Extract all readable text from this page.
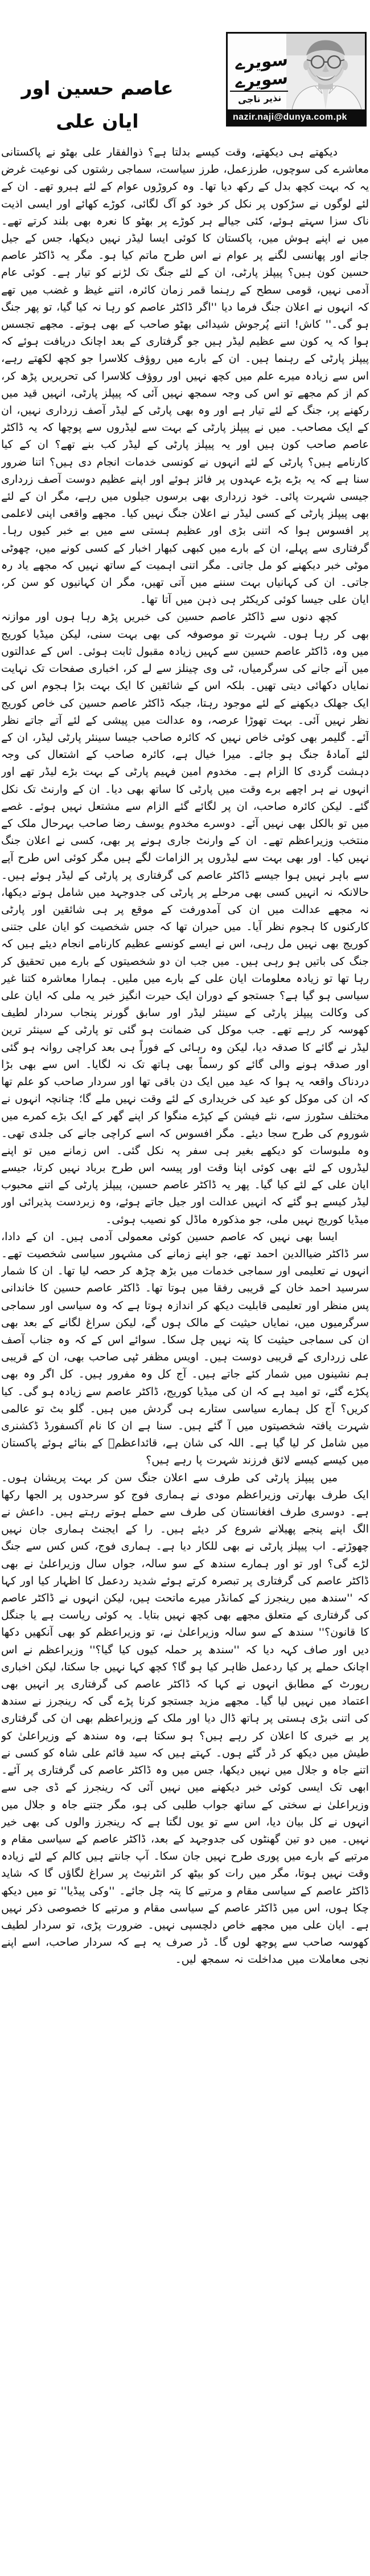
عاصم حسین اور ایان علی
سویرے
سویرے
نذیر ناجی
nazir.naji@dunya.com.pk

دیکھتے ہی دیکھتے، وقت کیسے بدلتا ہے؟ ذوالفقار علی بھٹو نے پاکستانی معاشرے کی سوچوں، طرزعمل، طرز سیاست، سماجی رشتوں کی نوعیت غرض یہ کہ بہت کچھ بدل کے رکھ دیا تھا۔ وہ کروڑوں عوام کے لئے ہیرو تھے۔ ان کے لئے لوگوں نے سڑکوں پر نکل کر خود کو آگ لگائی، کوڑے کھائے اور ایسی اذیت ناک سزا سہتے ہوئے، کئی جیالے ہر کوڑے پر بھٹو کا نعرہ بھی بلند کرتے تھے۔ میں نے اپنے ہوش میں، پاکستان کا کوئی ایسا لیڈر نہیں دیکھا، جس کے جیل جانے اور پھانسی لگنے پر عوام نے اس طرح ماتم کیا ہو۔ مگر یہ ڈاکٹر عاصم حسین کون ہیں؟ پیپلز پارٹی، ان کے لئے جنگ تک لڑنے کو تیار ہے۔ کوئی عام آدمی نہیں، قومی سطح کے رہنما قمر زمان کائرہ، اتنے غیظ و غضب میں تھے کہ انہوں نے اعلان جنگ فرما دیا ''اگر ڈاکٹر عاصم کو رہا نہ کیا گیا، تو پھر جنگ ہو گی۔'' کاش! اتنے پُرجوش شیدائی بھٹو صاحب کے بھی ہوتے۔ مجھے تجسس ہوا کہ یہ کون سے عظیم لیڈر ہیں جو گرفتاری کے بعد اچانک دریافت ہوئے کہ پیپلز پارٹی کے رہنما ہیں۔ ان کے بارے میں روؤف کلاسرا جو کچھ لکھتے رہے، اس سے زیادہ میرے علم میں کچھ نہیں اور روؤف کلاسرا کی تحریریں پڑھ کر، کم از کم مجھے تو اس کی وجہ سمجھ نہیں آئی کہ پیپلز پارٹی، انہیں قید میں رکھنے پر، جنگ کے لئے تیار ہے اور وہ بھی پارٹی کے لیڈر آصف زرداری نہیں، ان کے ایک مصاحب۔ میں نے پیپلز پارٹی کے بہت سے لیڈروں سے پوچھا کہ یہ ڈاکٹر عاصم صاحب کون ہیں اور یہ پیپلز پارٹی کے لیڈر کب بنے تھے؟ ان کے کیا کارنامے ہیں؟ پارٹی کے لئے انہوں نے کونسی خدمات انجام دی ہیں؟ اتنا ضرور سنا ہے کہ یہ بڑے بڑے عہدوں پر فائز ہوئے اور اپنے عظیم دوست آصف زرداری جیسی شہرت پائی۔ خود زرداری بھی برسوں جیلوں میں رہے، مگر ان کے لئے بھی پیپلز پارٹی کے کسی لیڈر نے اعلان جنگ نہیں کیا۔ مجھے واقعی اپنی لاعلمی پر افسوس ہوا کہ اتنی بڑی اور عظیم ہستی سے میں بے خبر کیوں رہا۔ گرفتاری سے پہلے، ان کے بارے میں کبھی کبھار اخبار کے کسی کونے میں، چھوٹی موٹی خبر دیکھنے کو مل جاتی۔ مگر اتنی اہمیت کے ساتھ نہیں کہ مجھے یاد رہ جاتی۔ ان کی کہانیاں بہت سننے میں آتی تھیں، مگر ان کہانیوں کو سن کر، ایان علی جیسا کوئی کریکٹر ہی ذہن میں آتا تھا۔

کچھ دنوں سے ڈاکٹر عاصم حسین کی خبریں پڑھ رہا ہوں اور موازنہ بھی کر رہا ہوں۔ شہرت تو موصوفہ کی بھی بہت سنی، لیکن میڈیا کوریج میں وہ، ڈاکٹر عاصم حسین سے کہیں زیادہ مقبول ثابت ہوئی۔ اس کے عدالتوں میں آنے جانے کی سرگرمیاں، ٹی وی چینلز سے لے کر، اخباری صفحات تک نہایت نمایاں دکھائی دیتی تھیں۔ بلکہ اس کے شائقین کا ایک بہت بڑا ہجوم اس کی ایک جھلک دیکھنے کے لئے موجود رہتا، جبکہ ڈاکٹر عاصم حسین کی خاص کوریج نظر نہیں آئی۔ بہت تھوڑا عرصہ، وہ عدالت میں پیشی کے لئے آتے جاتے نظر آئے۔ گلیمر بھی کوئی خاص نہیں کہ کائرہ صاحب جیسا سینئر پارٹی لیڈر، ان کے لئے آمادۂ جنگ ہو جائے۔ میرا خیال ہے، کائرہ صاحب کے اشتعال کی وجہ دہشت گردی کا الزام ہے۔ مخدوم امین فہیم پارٹی کے بہت بڑے لیڈر تھے اور انہوں نے ہر اچھے برے وقت میں پارٹی کا ساتھ بھی دیا۔ ان کے وارنٹ تک نکل گئے۔ لیکن کائرہ صاحب، ان پر لگائے گئے الزام سے مشتعل نہیں ہوئے۔ غصے میں تو بالکل بھی نہیں آئے۔ دوسرے مخدوم یوسف رضا صاحب بہرحال ملک کے منتخب وزیراعظم تھے۔ ان کے وارنٹ جاری ہونے پر بھی، کسی نے اعلان جنگ نہیں کیا۔ اور بھی بہت سے لیڈروں پر الزامات لگے ہیں مگر کوئی اس طرح آپے سے باہر نہیں ہوا جیسے ڈاکٹر عاصم کی گرفتاری پر پارٹی کے لیڈر ہوئے ہیں۔ حالانکہ نہ انہیں کسی بھی مرحلے پر پارٹی کی جدوجہد میں شامل ہوتے دیکھا، نہ مجھے عدالت میں ان کی آمدورفت کے موقع پر ہی شائقین اور پارٹی کارکنوں کا ہجوم نظر آیا۔ میں حیران تھا کہ جس شخصیت کو ایان علی جتنی کوریج بھی نہیں مل رہی، اس نے ایسے کونسے عظیم کارنامے انجام دیئے ہیں کہ جنگ کی باتیں ہو رہی ہیں۔ میں جب ان دو شخصیتوں کے بارے میں تحقیق کر رہا تھا تو زیادہ معلومات ایان علی کے بارے میں ملیں۔ ہمارا معاشرہ کتنا غیر سیاسی ہو گیا ہے؟ جستجو کے دوران ایک حیرت انگیز خبر یہ ملی کہ ایان علی کی وکالت پیپلز پارٹی کے سینئر لیڈر اور سابق گورنر پنجاب سردار لطیف کھوسہ کر رہے تھے۔ جب موکل کی ضمانت ہو گئی تو پارٹی کے سینئر ترین لیڈر نے گائے کا صدقہ دیا، لیکن وہ رہائی کے فوراً ہی بعد کراچی روانہ ہو گئی اور صدقہ ہونے والی گائے کو رسماً بھی ہاتھ تک نہ لگایا۔ اس سے بھی بڑا دردناک واقعہ یہ ہوا کہ عید میں ایک دن باقی تھا اور سردار صاحب کو علم تھا کہ ان کی موکل کو عید کی خریداری کے لئے وقت نہیں ملے گا؛ چنانچہ انہوں نے مختلف سٹورز سے، نئے فیشن کے کپڑے منگوا کر اپنے گھر کے ایک بڑے کمرے میں شوروم کی طرح سجا دیئے۔ مگر افسوس کہ اسے کراچی جانے کی جلدی تھی۔ وہ ملبوسات کو دیکھے بغیر ہی سفر پہ نکل گئی۔ اس زمانے میں تو اپنے لیڈروں کے لئے بھی کوئی اپنا وقت اور پیسہ اس طرح برباد نہیں کرتا، جیسے ایان علی کے لئے کیا گیا۔ پھر یہ ڈاکٹر عاصم حسین، پیپلز پارٹی کے اتنے محبوب لیڈر کیسے ہو گئے کہ انہیں عدالت اور جیل جاتے ہوئے، وہ زبردست پذیرائی اور میڈیا کوریج نہیں ملی، جو مذکورہ ماڈل کو نصیب ہوئی۔

ایسا بھی نہیں کہ عاصم حسین کوئی معمولی آدمی ہیں۔ ان کے دادا، سر ڈاکٹر ضیاالدین احمد تھے، جو اپنے زمانے کی مشہور سیاسی شخصیت تھے۔ انہوں نے تعلیمی اور سماجی خدمات میں بڑھ چڑھ کر حصہ لیا تھا۔ ان کا شمار سرسید احمد خان کے قریبی رفقا میں ہوتا تھا۔ ڈاکٹر عاصم حسین کا خاندانی پس منظر اور تعلیمی قابلیت دیکھ کر اندازہ ہوتا ہے کہ وہ سیاسی اور سماجی سرگرمیوں میں، نمایاں حیثیت کے مالک ہوں گے، لیکن سراغ لگانے کے بعد بھی ان کی سماجی حیثیت کا پتہ نہیں چل سکا۔ سوائے اس کے کہ وہ جناب آصف علی زرداری کے قریبی دوست ہیں۔ اویس مظفر ٹپی صاحب بھی، ان کے قریبی ہم نشینوں میں شمار کئے جاتے ہیں۔ آج کل وہ مفرور ہیں۔ کل اگر وہ بھی پکڑے گئے، تو امید ہے کہ ان کی میڈیا کوریج، ڈاکٹر عاصم سے زیادہ ہو گی۔ کیا کریں؟ آج کل ہمارے سیاسی ستارے ہی گردش میں ہیں۔ گلو بٹ تو عالمی شہرت یافتہ شخصیتوں میں آ گئے ہیں۔ سنا ہے ان کا نام آکسفورڈ ڈکشنری میں شامل کر لیا گیا ہے۔ اللہ کی شان ہے، قائداعظمؒ کے بنائے ہوئے پاکستان میں کیسے کیسے لائق فرزند شہرت پا رہے ہیں؟

میں پیپلز پارٹی کی طرف سے اعلان جنگ سن کر بہت پریشان ہوں۔ ایک طرف بھارتی وزیراعظم مودی نے ہماری فوج کو سرحدوں پر الجھا رکھا ہے۔ دوسری طرف افغانستان کی طرف سے حملے ہوتے رہتے ہیں۔ داعش نے الگ اپنے پنجے پھیلانے شروع کر دیئے ہیں۔ را کے ایجنٹ ہماری جان نہیں چھوڑتے۔ اب پیپلز پارٹی نے بھی للکار دیا ہے۔ ہماری فوج، کس کس سے جنگ لڑے گی؟ اور تو اور ہمارے سندھ کے سو سالہ، جواں سال وزیراعلیٰ نے بھی ڈاکٹر عاصم کی گرفتاری پر تبصرہ کرتے ہوئے شدید ردعمل کا اظہار کیا اور کہا کہ ''سندھ میں رینجرز کے کمانڈر میرے ماتحت ہیں، لیکن انہوں نے ڈاکٹر عاصم کی گرفتاری کے متعلق مجھے بھی کچھ نہیں بتایا۔ یہ کوئی ریاست ہے یا جنگل کا قانون؟'' سندھ کے سو سالہ وزیراعلیٰ نے، تو وزیراعظم کو بھی آنکھیں دکھا دیں اور صاف کہہ دیا کہ ''سندھ پر حملہ کیوں کیا گیا؟'' وزیراعظم نے اس اچانک حملے پر کیا ردعمل ظاہر کیا ہو گا؟ کچھ کہا نہیں جا سکتا، لیکن اخباری رپورٹ کے مطابق انہوں نے کہا کہ ڈاکٹر عاصم کی گرفتاری پر انہیں بھی اعتماد میں نہیں لیا گیا۔ مجھے مزید جستجو کرنا پڑے گی کہ رینجرز نے سندھ کی اتنی بڑی ہستی پر ہاتھ ڈال دیا اور ملک کے وزیراعظم بھی ان کی گرفتاری پر بے خبری کا اعلان کر رہے ہیں؟ ہو سکتا ہے، وہ سندھ کے وزیراعلیٰ کو طیش میں دیکھ کر ڈر گئے ہوں۔ کہتے ہیں کہ سید قائم علی شاہ کو کسی نے اتنے جاہ و جلال میں نہیں دیکھا، جس میں وہ ڈاکٹر عاصم کی گرفتاری پر آئے۔ ابھی تک ایسی کوئی خبر دیکھنے میں نہیں آئی کہ رینجرز کے ڈی جی سے وزیراعلیٰ نے سختی کے ساتھ جواب طلبی کی ہو، مگر جتنے جاہ و جلال میں انہوں نے کل بیان دیا، اس سے تو یوں لگتا ہے کہ رینجرز والوں کی بھی خیر نہیں۔ میں دو تین گھنٹوں کی جدوجہد کے بعد، ڈاکٹر عاصم کے سیاسی مقام و مرتبے کے بارے میں پوری طرح نہیں جان سکا۔ آپ جانتے ہیں کالم کے لئے زیادہ وقت نہیں ہوتا، مگر میں رات کو بیٹھ کر انٹرنیٹ پر سراغ لگاؤں گا کہ شاید ڈاکٹر عاصم کے سیاسی مقام و مرتبے کا پتہ چل جائے۔ ''وکی پیڈیا'' تو میں دیکھ چکا ہوں، اس میں ڈاکٹر عاصم کے سیاسی مقام و مرتبے کا خصوصی ذکر نہیں ہے۔ ایان علی میں مجھے خاص دلچسپی نہیں۔ ضرورت پڑی، تو سردار لطیف کھوسہ صاحب سے پوچھ لوں گا۔ ڈر صرف یہ ہے کہ سردار صاحب، اسے اپنے نجی معاملات میں مداخلت نہ سمجھ لیں۔
